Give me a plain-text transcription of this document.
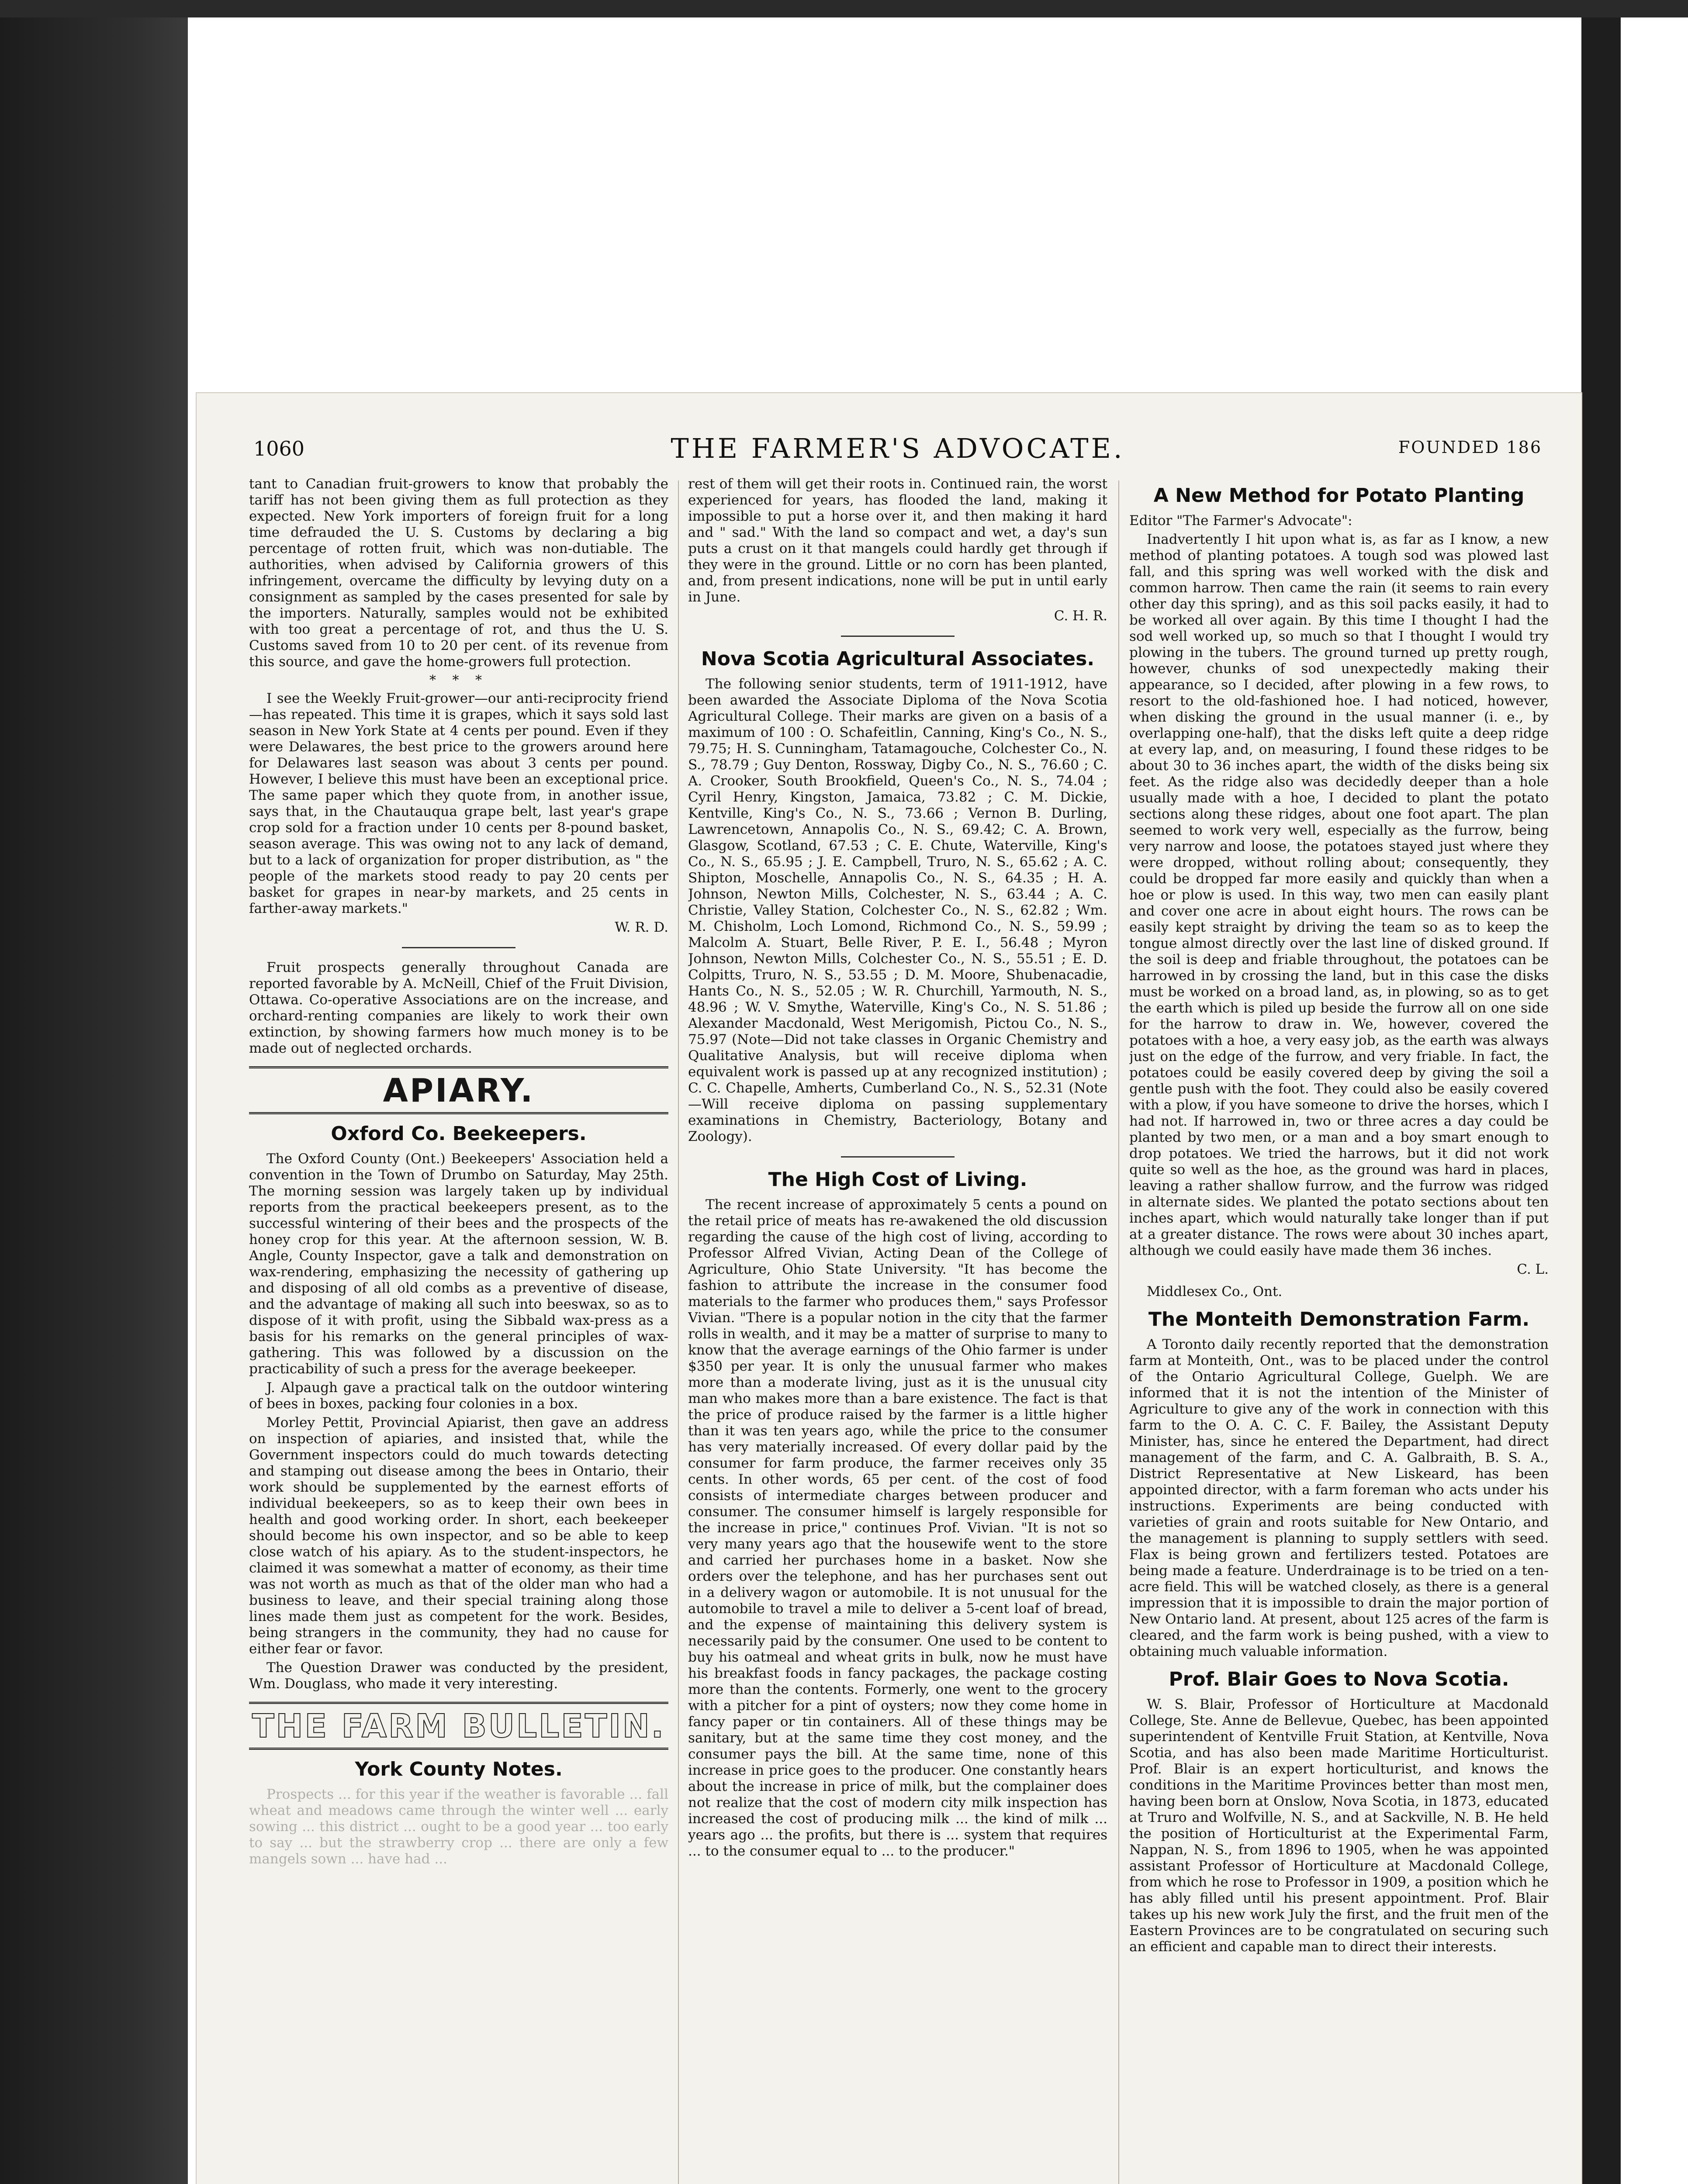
1060	THE FARMER'S ADVOCATE.	FOUNDED 186

tant to Canadian fruit-growers to know that probably the tariff has not been giving them as full protection as they expected. New York importers of foreign fruit for a long time defrauded the U. S. Customs by declaring a big percentage of rotten fruit, which was non-dutiable. The authorities, when advised by California growers of this infringement, overcame the difficulty by levying duty on a consignment as sampled by the cases presented for sale by the importers. Naturally, samples would not be exhibited with too great a percentage of rot, and thus the U. S. Customs saved from 10 to 20 per cent. of its revenue from this source, and gave the home-growers full protection.

* * *

I see the Weekly Fruit-grower—our anti-reciprocity friend—has repeated. This time it is grapes, which it says sold last season in New York State at 4 cents per pound. Even if they were Delawares, the best price to the growers around here for Delawares last season was about 3 cents per pound. However, I believe this must have been an exceptional price. The same paper which they quote from, in another issue, says that, in the Chautauqua grape belt, last year's grape crop sold for a fraction under 10 cents per 8-pound basket, season average. This was owing not to any lack of demand, but to a lack of organization for proper distribution, as " the people of the markets stood ready to pay 20 cents per basket for grapes in near-by markets, and 25 cents in farther-away markets."

W. R. D.

Fruit prospects generally throughout Canada are reported favorable by A. McNeill, Chief of the Fruit Division, Ottawa. Co-operative Associations are on the increase, and orchard-renting companies are likely to work their own extinction, by showing farmers how much money is to be made out of neglected orchards.

APIARY.
Oxford Co. Beekeepers.

The Oxford County (Ont.) Beekeepers' Association held a convention in the Town of Drumbo on Saturday, May 25th. The morning session was largely taken up by individual reports from the practical beekeepers present, as to the successful wintering of their bees and the prospects of the honey crop for this year. At the afternoon session, W. B. Angle, County Inspector, gave a talk and demonstration on wax-rendering, emphasizing the necessity of gathering up and disposing of all old combs as a preventive of disease, and the advantage of making all such into beeswax, so as to dispose of it with profit, using the Sibbald wax-press as a basis for his remarks on the general principles of wax-gathering. This was followed by a discussion on the practicability of such a press for the average beekeeper.

J. Alpaugh gave a practical talk on the outdoor wintering of bees in boxes, packing four colonies in a box.

Morley Pettit, Provincial Apiarist, then gave an address on inspection of apiaries, and insisted that, while the Government inspectors could do much towards detecting and stamping out disease among the bees in Ontario, their work should be supplemented by the earnest efforts of individual beekeepers, so as to keep their own bees in health and good working order. In short, each beekeeper should become his own inspector, and so be able to keep close watch of his apiary. As to the student-inspectors, he claimed it was somewhat a matter of economy, as their time was not worth as much as that of the older man who had a business to leave, and their special training along those lines made them just as competent for the work. Besides, being strangers in the community, they had no cause for either fear or favor.

The Question Drawer was conducted by the president, Wm. Douglass, who made it very interesting.

THE FARM BULLETIN.
York County Notes.

Prospects ... for this year if the weather is favorable ... fall wheat and meadows came through the winter well ... early sowing ... this district ... ought to be a good year ... too early to say ... but the strawberry crop ... there are only a few mangels sown ... have had ...

rest of them will get their roots in. Continued rain, the worst experienced for years, has flooded the land, making it impossible to put a horse over it, and then making it hard and " sad." With the land so compact and wet, a day's sun puts a crust on it that mangels could hardly get through if they were in the ground. Little or no corn has been planted, and, from present indications, none will be put in until early in June.

C. H. R.
Nova Scotia Agricultural Associates.

The following senior students, term of 1911-1912, have been awarded the Associate Diploma of the Nova Scotia Agricultural College. Their marks are given on a basis of a maximum of 100 : O. Schafeitlin, Canning, King's Co., N. S., 79.75; H. S. Cunningham, Tatamagouche, Colchester Co., N. S., 78.79 ; Guy Denton, Rossway, Digby Co., N. S., 76.60 ; C. A. Crooker, South Brookfield, Queen's Co., N. S., 74.04 ; Cyril Henry, Kingston, Jamaica, 73.82 ; C. M. Dickie, Kentville, King's Co., N. S., 73.66 ; Vernon B. Durling, Lawrencetown, Annapolis Co., N. S., 69.42; C. A. Brown, Glasgow, Scotland, 67.53 ; C. E. Chute, Waterville, King's Co., N. S., 65.95 ; J. E. Campbell, Truro, N. S., 65.62 ; A. C. Shipton, Moschelle, Annapolis Co., N. S., 64.35 ; H. A. Johnson, Newton Mills, Colchester, N. S., 63.44 ; A. C. Christie, Valley Station, Colchester Co., N. S., 62.82 ; Wm. M. Chisholm, Loch Lomond, Richmond Co., N. S., 59.99 ; Malcolm A. Stuart, Belle River, P. E. I., 56.48 ; Myron Johnson, Newton Mills, Colchester Co., N. S., 55.51 ; E. D. Colpitts, Truro, N. S., 53.55 ; D. M. Moore, Shubenacadie, Hants Co., N. S., 52.05 ; W. R. Churchill, Yarmouth, N. S., 48.96 ; W. V. Smythe, Waterville, King's Co., N. S. 51.86 ; Alexander Macdonald, West Merigomish, Pictou Co., N. S., 75.97 (Note—Did not take classes in Organic Chemistry and Qualitative Analysis, but will receive diploma when equivalent work is passed up at any recognized institution) ; C. C. Chapelle, Amherts, Cumberland Co., N. S., 52.31 (Note—Will receive diploma on passing supplementary examinations in Chemistry, Bacteriology, Botany and Zoology).

The High Cost of Living.

The recent increase of approximately 5 cents a pound on the retail price of meats has re-awakened the old discussion regarding the cause of the high cost of living, according to Professor Alfred Vivian, Acting Dean of the College of Agriculture, Ohio State University. "It has become the fashion to attribute the increase in the consumer food materials to the farmer who produces them," says Professor Vivian. "There is a popular notion in the city that the farmer rolls in wealth, and it may be a matter of surprise to many to know that the average earnings of the Ohio farmer is under $350 per year. It is only the unusual farmer who makes more than a moderate living, just as it is the unusual city man who makes more than a bare existence. The fact is that the price of produce raised by the farmer is a little higher than it was ten years ago, while the price to the consumer has very materially increased. Of every dollar paid by the consumer for farm produce, the farmer receives only 35 cents. In other words, 65 per cent. of the cost of food consists of intermediate charges between producer and consumer. The consumer himself is largely responsible for the increase in price," continues Prof. Vivian. "It is not so very many years ago that the housewife went to the store and carried her purchases home in a basket. Now she orders over the telephone, and has her purchases sent out in a delivery wagon or automobile. It is not unusual for the automobile to travel a mile to deliver a 5-cent loaf of bread, and the expense of maintaining this delivery system is necessarily paid by the consumer. One used to be content to buy his oatmeal and wheat grits in bulk, now he must have his breakfast foods in fancy packages, the package costing more than the contents. Formerly, one went to the grocery with a pitcher for a pint of oysters; now they come home in fancy paper or tin containers. All of these things may be sanitary, but at the same time they cost money, and the consumer pays the bill. At the same time, none of this increase in price goes to the producer. One constantly hears about the increase in price of milk, but the complainer does not realize that the cost of modern city milk inspection has increased the cost of producing milk ... the kind of milk ... years ago ... the profits, but there is ... system that requires ... to the consumer equal to ... to the producer."

A New Method for Potato Planting

Editor "The Farmer's Advocate":

Inadvertently I hit upon what is, as far as I know, a new method of planting potatoes. A tough sod was plowed last fall, and this spring was well worked with the disk and common harrow. Then came the rain (it seems to rain every other day this spring), and as this soil packs easily, it had to be worked all over again. By this time I thought I had the sod well worked up, so much so that I thought I would try plowing in the tubers. The ground turned up pretty rough, however, chunks of sod unexpectedly making their appearance, so I decided, after plowing in a few rows, to resort to the old-fashioned hoe. I had noticed, however, when disking the ground in the usual manner (i. e., by overlapping one-half), that the disks left quite a deep ridge at every lap, and, on measuring, I found these ridges to be about 30 to 36 inches apart, the width of the disks being six feet. As the ridge also was decidedly deeper than a hole usually made with a hoe, I decided to plant the potato sections along these ridges, about one foot apart. The plan seemed to work very well, especially as the furrow, being very narrow and loose, the potatoes stayed just where they were dropped, without rolling about; consequently, they could be dropped far more easily and quickly than when a hoe or plow is used. In this way, two men can easily plant and cover one acre in about eight hours. The rows can be easily kept straight by driving the team so as to keep the tongue almost directly over the last line of disked ground. If the soil is deep and friable throughout, the potatoes can be harrowed in by crossing the land, but in this case the disks must be worked on a broad land, as, in plowing, so as to get the earth which is piled up beside the furrow all on one side for the harrow to draw in. We, however, covered the potatoes with a hoe, a very easy job, as the earth was always just on the edge of the furrow, and very friable. In fact, the potatoes could be easily covered deep by giving the soil a gentle push with the foot. They could also be easily covered with a plow, if you have someone to drive the horses, which I had not. If harrowed in, two or three acres a day could be planted by two men, or a man and a boy smart enough to drop potatoes. We tried the harrows, but it did not work quite so well as the hoe, as the ground was hard in places, leaving a rather shallow furrow, and the furrow was ridged in alternate sides. We planted the potato sections about ten inches apart, which would naturally take longer than if put at a greater distance. The rows were about 30 inches apart, although we could easily have made them 36 inches.

C. L.

Middlesex Co., Ont.

The Monteith Demonstration Farm.

A Toronto daily recently reported that the demonstration farm at Monteith, Ont., was to be placed under the control of the Ontario Agricultural College, Guelph. We are informed that it is not the intention of the Minister of Agriculture to give any of the work in connection with this farm to the O. A. C. C. F. Bailey, the Assistant Deputy Minister, has, since he entered the Department, had direct management of the farm, and C. A. Galbraith, B. S. A., District Representative at New Liskeard, has been appointed director, with a farm foreman who acts under his instructions. Experiments are being conducted with varieties of grain and roots suitable for New Ontario, and the management is planning to supply settlers with seed. Flax is being grown and fertilizers tested. Potatoes are being made a feature. Underdrainage is to be tried on a ten-acre field. This will be watched closely, as there is a general impression that it is impossible to drain the major portion of New Ontario land. At present, about 125 acres of the farm is cleared, and the farm work is being pushed, with a view to obtaining much valuable information.

Prof. Blair Goes to Nova Scotia.

W. S. Blair, Professor of Horticulture at Macdonald College, Ste. Anne de Bellevue, Quebec, has been appointed superintendent of Kentville Fruit Station, at Kentville, Nova Scotia, and has also been made Maritime Horticulturist. Prof. Blair is an expert horticulturist, and knows the conditions in the Maritime Provinces better than most men, having been born at Onslow, Nova Scotia, in 1873, educated at Truro and Wolfville, N. S., and at Sackville, N. B. He held the position of Horticulturist at the Experimental Farm, Nappan, N. S., from 1896 to 1905, when he was appointed assistant Professor of Horticulture at Macdonald College, from which he rose to Professor in 1909, a position which he has ably filled until his present appointment. Prof. Blair takes up his new work July the first, and the fruit men of the Eastern Provinces are to be congratulated on securing such an efficient and capable man to direct their interests.
